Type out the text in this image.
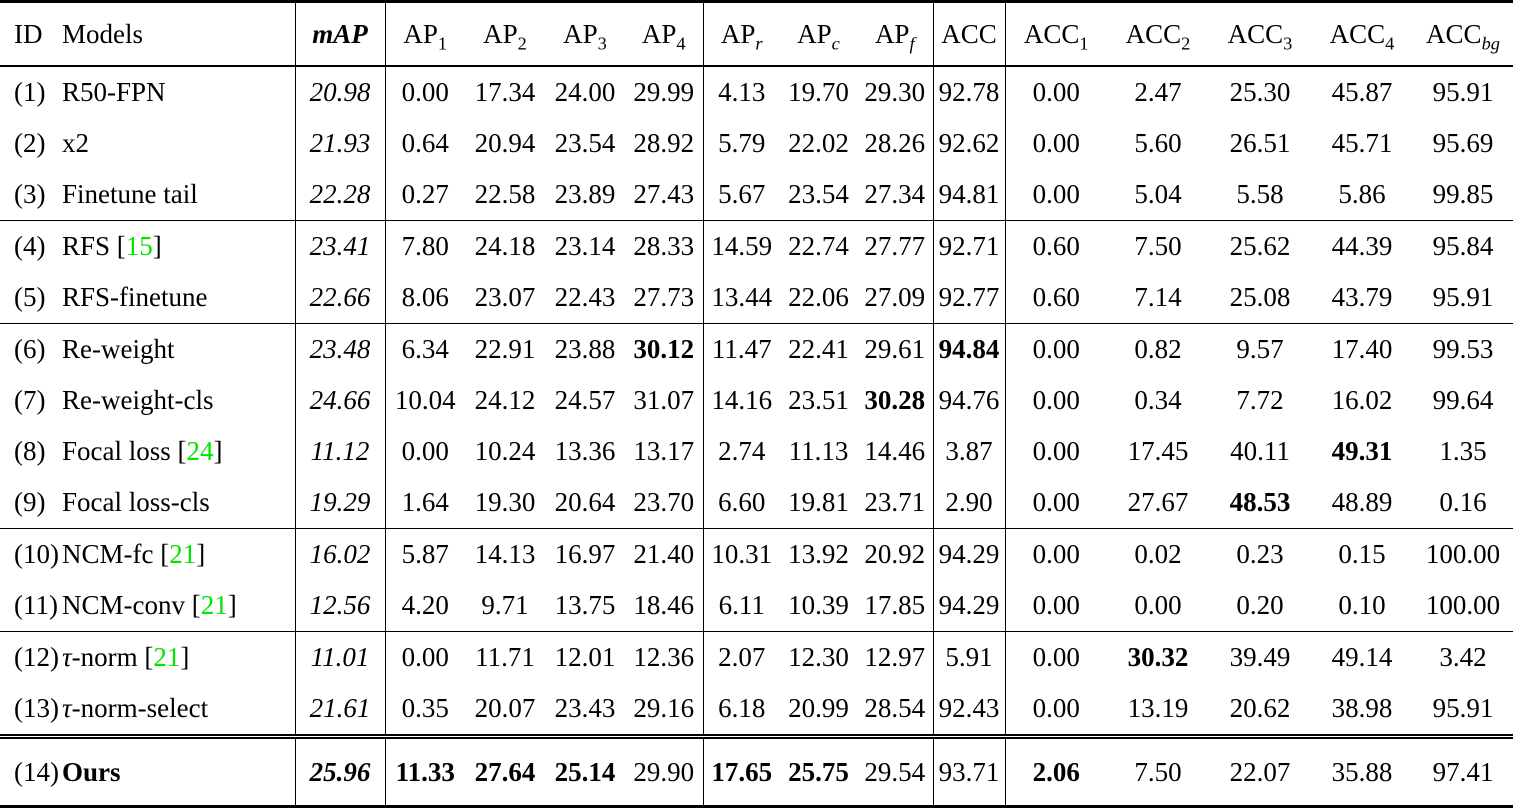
ID	Models	mAP	$AP_1$	$AP_2$	$AP_3$	$AP_4$	$AP_r$	$AP_c$	$AP_f$	ACC	$ACC_1$	$ACC_2$	$ACC_3$	$ACC_4$	$ACC_{bg}$
(1)	R50-FPN	20.98	0.00	17.34	24.00	29.99	4.13	19.70	29.30	92.78	0.00	2.47	25.30	45.87	95.91
(2)	x2	21.93	0.64	20.94	23.54	28.92	5.79	22.02	28.26	92.62	0.00	5.60	26.51	45.71	95.69
(3)	Finetune tail	22.28	0.27	22.58	23.89	27.43	5.67	23.54	27.34	94.81	0.00	5.04	5.58	5.86	99.85
(4)	RFS [15]	23.41	7.80	24.18	23.14	28.33	14.59	22.74	27.77	92.71	0.60	7.50	25.62	44.39	95.84
(5)	RFS-finetune	22.66	8.06	23.07	22.43	27.73	13.44	22.06	27.09	92.77	0.60	7.14	25.08	43.79	95.91
(6)	Re-weight	23.48	6.34	22.91	23.88	30.12	11.47	22.41	29.61	94.84	0.00	0.82	9.57	17.40	99.53
(7)	Re-weight-cls	24.66	10.04	24.12	24.57	31.07	14.16	23.51	30.28	94.76	0.00	0.34	7.72	16.02	99.64
(8)	Focal loss [24]	11.12	0.00	10.24	13.36	13.17	2.74	11.13	14.46	3.87	0.00	17.45	40.11	49.31	1.35
(9)	Focal loss-cls	19.29	1.64	19.30	20.64	23.70	6.60	19.81	23.71	2.90	0.00	27.67	48.53	48.89	0.16
(10)	NCM-fc [21]	16.02	5.87	14.13	16.97	21.40	10.31	13.92	20.92	94.29	0.00	0.02	0.23	0.15	100.00
(11)	NCM-conv [21]	12.56	4.20	9.71	13.75	18.46	6.11	10.39	17.85	94.29	0.00	0.00	0.20	0.10	100.00
(12)	τ-norm [21]	11.01	0.00	11.71	12.01	12.36	2.07	12.30	12.97	5.91	0.00	30.32	39.49	49.14	3.42
(13)	τ-norm-select	21.61	0.35	20.07	23.43	29.16	6.18	20.99	28.54	92.43	0.00	13.19	20.62	38.98	95.91
(14)	Ours	25.96	11.33	27.64	25.14	29.90	17.65	25.75	29.54	93.71	2.06	7.50	22.07	35.88	97.41
